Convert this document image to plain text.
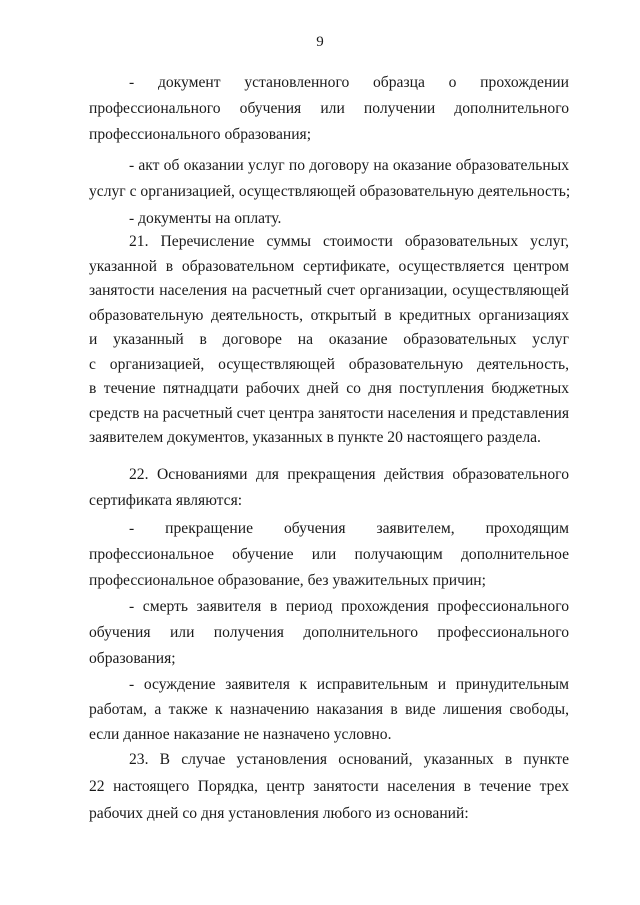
9

- документ установленного образца о прохождении
профессионального обучения или получении дополнительного
профессионального образования;

- акт об оказании услуг по договору на оказание образовательных
услуг с организацией, осуществляющей образовательную деятельность;

- документы на оплату.

21. Перечисление суммы стоимости образовательных услуг,
указанной в образовательном сертификате, осуществляется центром
занятости населения на расчетный счет организации, осуществляющей
образовательную деятельность, открытый в кредитных организациях
и указанный в договоре на оказание образовательных услуг
с организацией, осуществляющей образовательную деятельность,
в течение пятнадцати рабочих дней со дня поступления бюджетных
средств на расчетный счет центра занятости населения и представления
заявителем документов, указанных в пункте 20 настоящего раздела.

22. Основаниями для прекращения действия образовательного
сертификата являются:

- прекращение обучения заявителем, проходящим
профессиональное обучение или получающим дополнительное
профессиональное образование, без уважительных причин;

- смерть заявителя в период прохождения профессионального
обучения или получения дополнительного профессионального
образования;

- осуждение заявителя к исправительным и принудительным
работам, а также к назначению наказания в виде лишения свободы,
если данное наказание не назначено условно.

23. В случае установления оснований, указанных в пункте
22 настоящего Порядка, центр занятости населения в течение трех
рабочих дней со дня установления любого из оснований:
